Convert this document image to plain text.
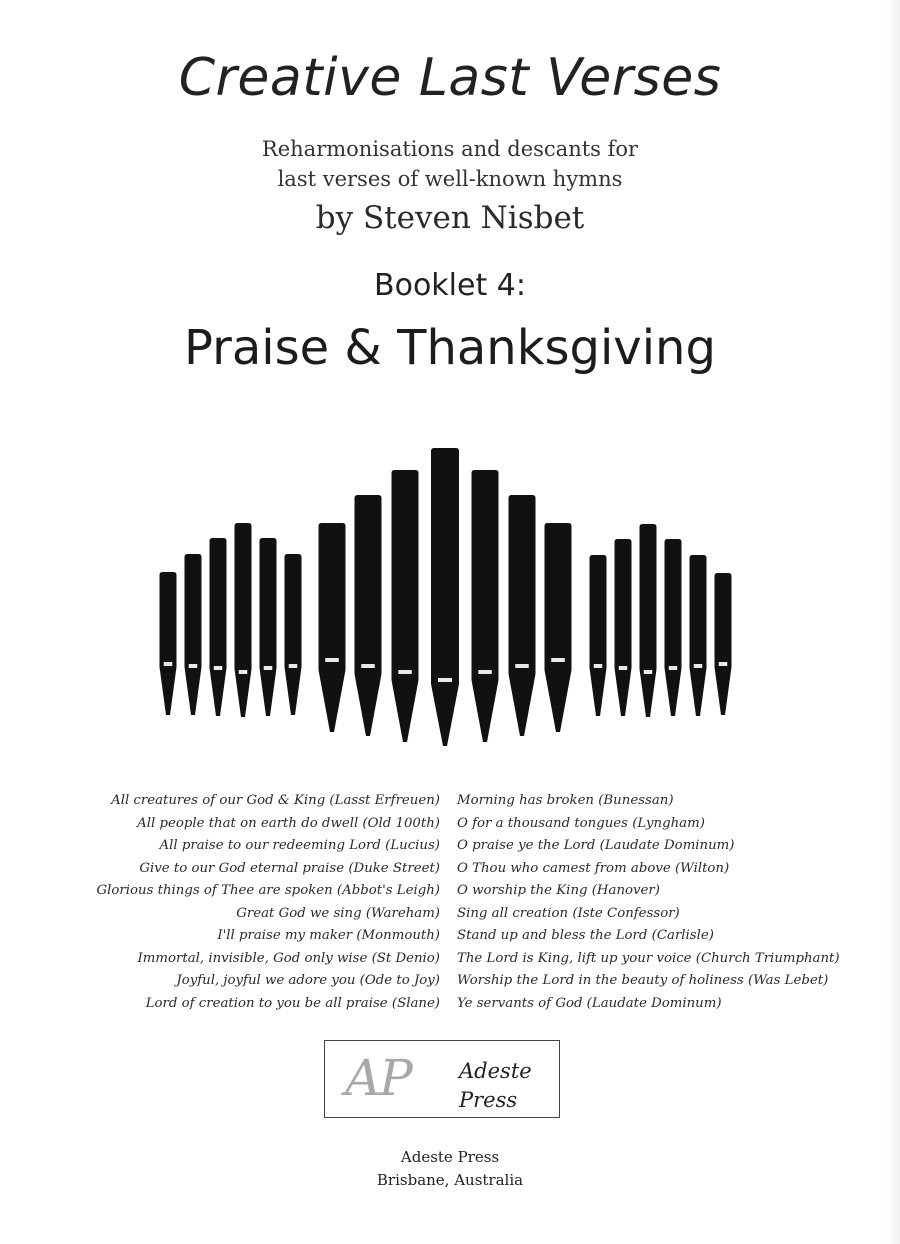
Creative Last Verses
Reharmonisations and descants for
last verses of well-known hymns
by Steven Nisbet
Booklet 4:
Praise & Thanksgiving
All creatures of our God & King (Lasst Erfreuen)
All people that on earth do dwell (Old 100th)
All praise to our redeeming Lord (Lucius)
Give to our God eternal praise (Duke Street)
Glorious things of Thee are spoken (Abbot's Leigh)
Great God we sing (Wareham)
I'll praise my maker (Monmouth)
Immortal, invisible, God only wise (St Denio)
Joyful, joyful we adore you (Ode to Joy)
Lord of creation to you be all praise (Slane)
Morning has broken (Bunessan)
O for a thousand tongues (Lyngham)
O praise ye the Lord (Laudate Dominum)
O Thou who camest from above (Wilton)
O worship the King (Hanover)
Sing all creation (Iste Confessor)
Stand up and bless the Lord (Carlisle)
The Lord is King, lift up your voice (Church Triumphant)
Worship the Lord in the beauty of holiness (Was Lebet)
Ye servants of God (Laudate Dominum)
AP Adeste
Press
Adeste Press
Brisbane, Australia
